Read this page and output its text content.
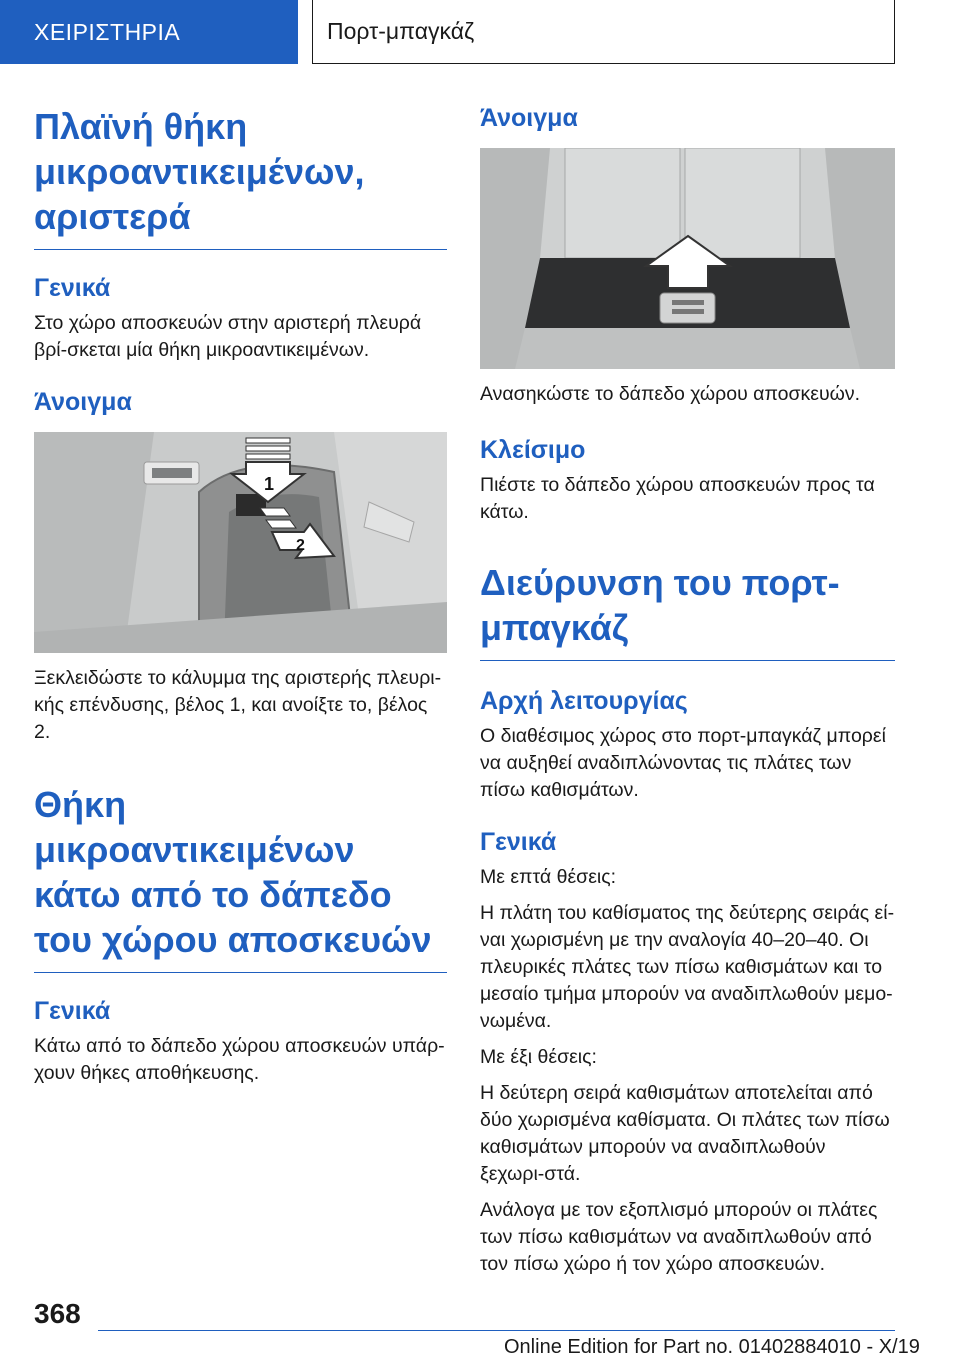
ΧΕΙΡΙΣΤΗΡΙΑ	Πορτ-μπαγκάζ
Πλαϊνή θήκη μικροαντικειμένων, αριστερά
Γενικά

Στο χώρο αποσκευών στην αριστερή πλευρά βρί-σκεται μία θήκη μικροαντικειμένων.

Άνοιγμα
1
2

Ξεκλειδώστε το κάλυμμα της αριστερής πλευρι-κής επένδυσης, βέλος 1, και ανοίξτε το, βέλος 2.

Θήκη μικροαντικειμένων κάτω από το δάπεδο του χώρου αποσκευών
Γενικά

Κάτω από το δάπεδο χώρου αποσκευών υπάρ-χουν θήκες αποθήκευσης.

Άνοιγμα

Ανασηκώστε το δάπεδο χώρου αποσκευών.

Κλείσιμο

Πιέστε το δάπεδο χώρου αποσκευών προς τα κάτω.

Διεύρυνση του πορτ-μπαγκάζ
Αρχή λειτουργίας

Ο διαθέσιμος χώρος στο πορτ-μπαγκάζ μπορεί να αυξηθεί αναδιπλώνοντας τις πλάτες των πίσω καθισμάτων.

Γενικά

Με επτά θέσεις:

Η πλάτη του καθίσματος της δεύτερης σειράς εί-ναι χωρισμένη με την αναλογία 40–20–40. Οι πλευρικές πλάτες των πίσω καθισμάτων και το μεσαίο τμήμα μπορούν να αναδιπλωθούν μεμο-νωμένα.

Με έξι θέσεις:

Η δεύτερη σειρά καθισμάτων αποτελείται από δύο χωρισμένα καθίσματα. Οι πλάτες των πίσω καθισμάτων μπορούν να αναδιπλωθούν ξεχωρι-στά.

Ανάλογα με τον εξοπλισμό μπορούν οι πλάτες των πίσω καθισμάτων να αναδιπλωθούν από τον πίσω χώρο ή τον χώρο αποσκευών.

368
Online Edition for Part no. 01402884010 - X/19
